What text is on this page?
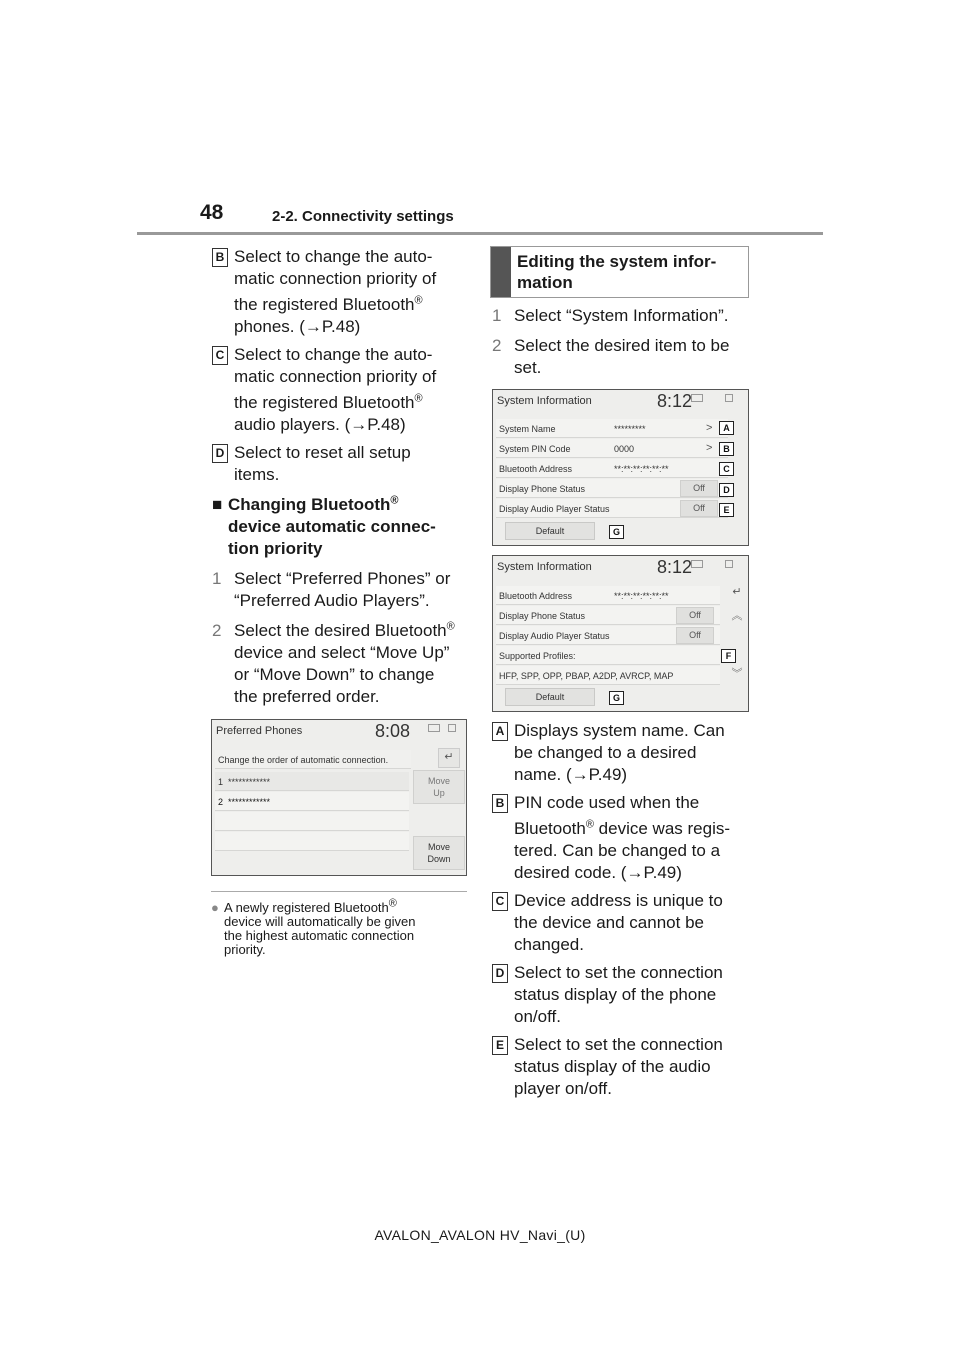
48	2-2. Connectivity settings
B Select to change the auto-
matic connection priority of
the registered Bluetooth®
phones. (→P.48)
C Select to change the auto-
matic connection priority of
the registered Bluetooth®
audio players. (→P.48)
D Select to reset all setup
items.
■ Changing Bluetooth®
device automatic connec-
tion priority
1 Select “Preferred Phones” or
“Preferred Audio Players”.
2 Select the desired Bluetooth®
device and select “Move Up”
or “Move Down” to change
the preferred order.
Preferred Phones	8:08
Change the order of automatic connection.	↵
1 ************
2 ************
Move
Up
Move
Down
● A newly registered Bluetooth®
device will automatically be given
the highest automatic connection
priority.
Editing the system infor-
mation
1 Select “System Information”.
2 Select the desired item to be
set.
System Information	8:12
System Name	*********	>
System PIN Code	0000	>
Bluetooth Address	**:**:**:**:**:**
Display Phone Status	Off
Display Audio Player Status	Off
Default
A
B
C
D
E
G
System Information	8:12
Bluetooth Address	**:**:**:**:**:**
Display Phone Status	Off
Display Audio Player Status	Off
Supported Profiles:
HFP, SPP, OPP, PBAP, A2DP, AVRCP, MAP
↵
︽
︾
Default
F
G
A Displays system name. Can
be changed to a desired
name. (→P.49)
B PIN code used when the
Bluetooth® device was regis-
tered. Can be changed to a
desired code. (→P.49)
C Device address is unique to
the device and cannot be
changed.
D Select to set the connection
status display of the phone
on/off.
E Select to set the connection
status display of the audio
player on/off.
AVALON_AVALON HV_Navi_(U)
